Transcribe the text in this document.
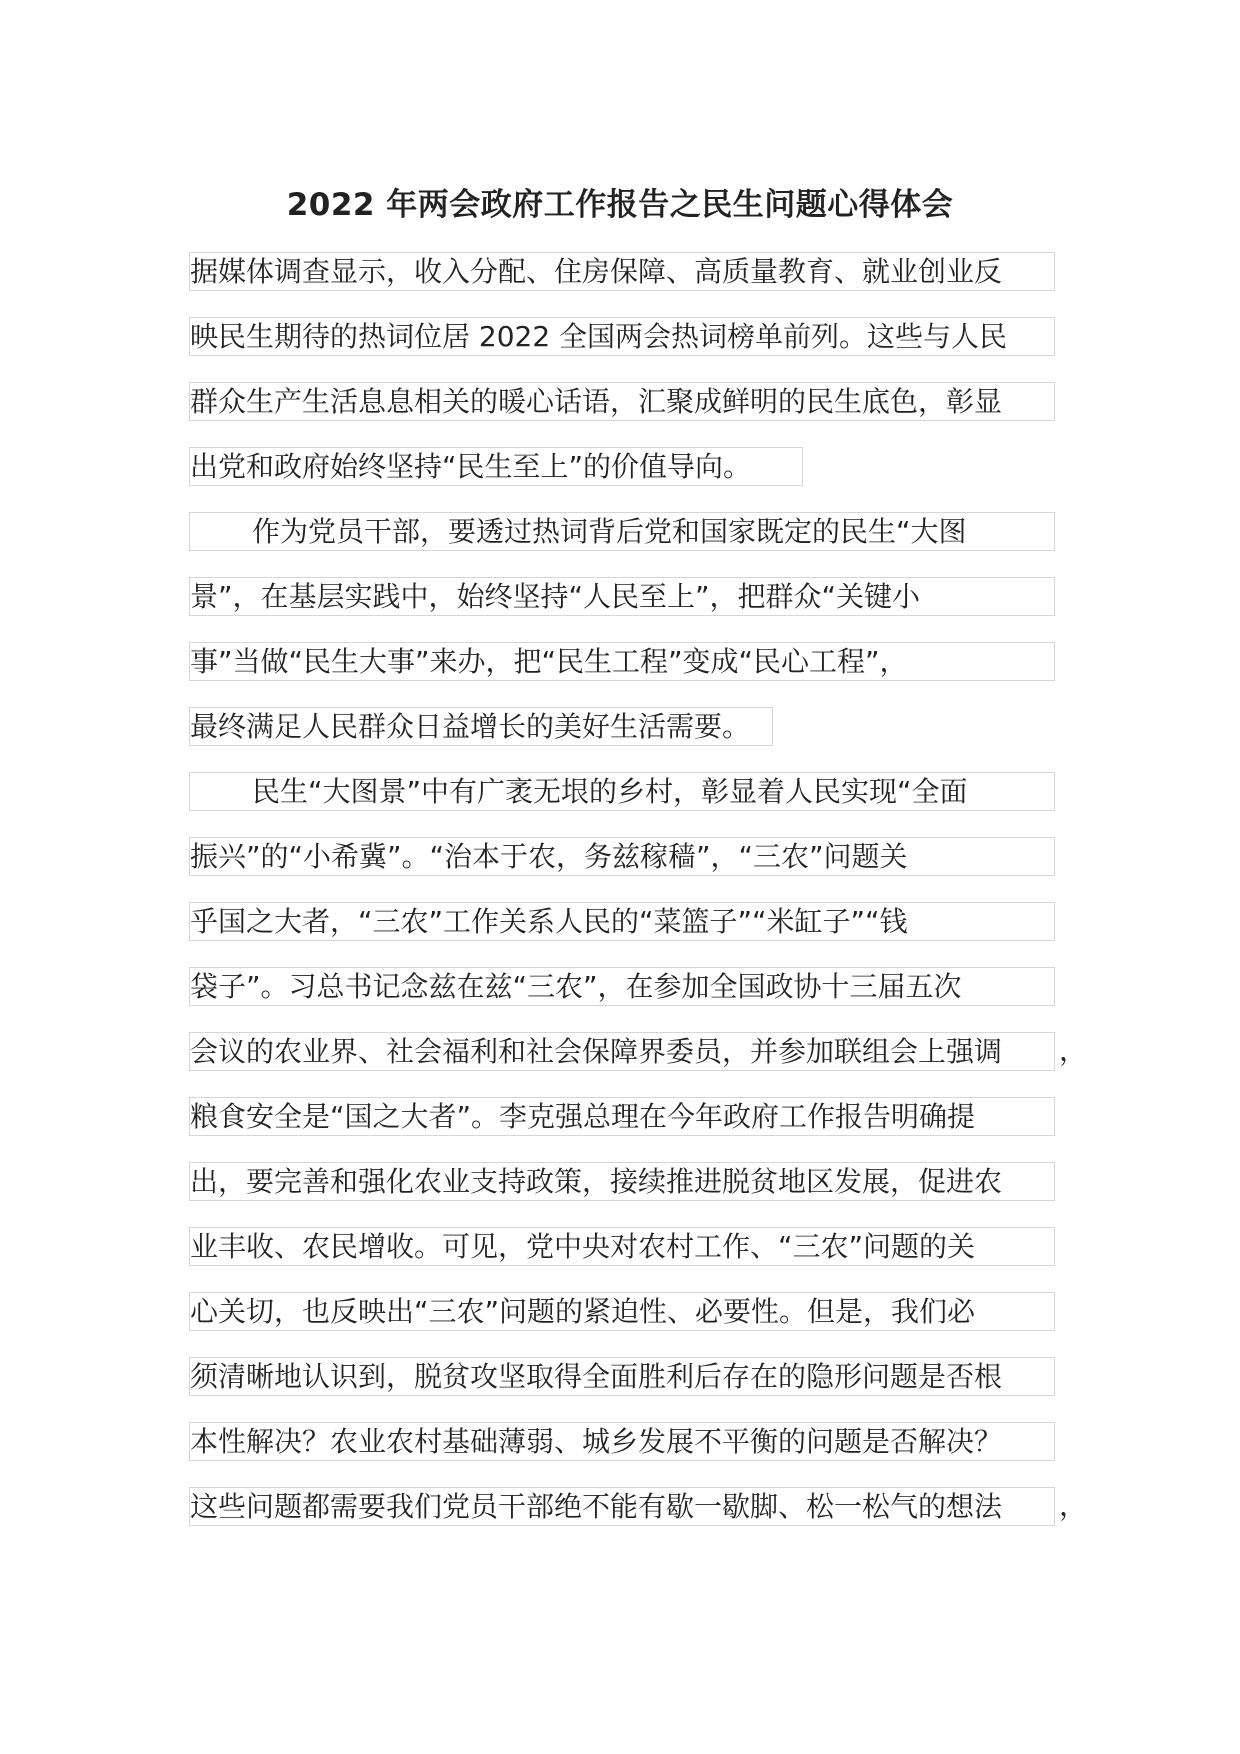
2022 年两会政府工作报告之民生问题心得体会
据媒体调查显示，收入分配、住房保障、高质量教育、就业创业反
映民生期待的热词位居 2022 全国两会热词榜单前列。这些与人民
群众生产生活息息相关的暖心话语，汇聚成鲜明的民生底色，彰显
出党和政府始终坚持“民生至上”的价值导向。
作为党员干部，要透过热词背后党和国家既定的民生“大图
景”，在基层实践中，始终坚持“人民至上”，把群众“关键小
事”当做“民生大事”来办，把“民生工程”变成“民心工程”，
最终满足人民群众日益增长的美好生活需要。
民生“大图景”中有广袤无垠的乡村，彰显着人民实现“全面
振兴”的“小希冀”。“治本于农，务兹稼穑”，“三农”问题关
乎国之大者，“三农”工作关系人民的“菜篮子”“米缸子”“钱
袋子”。习总书记念兹在兹“三农”，在参加全国政协十三届五次
会议的农业界、社会福利和社会保障界委员，并参加联组会上强调	，
粮食安全是“国之大者”。李克强总理在今年政府工作报告明确提
出，要完善和强化农业支持政策，接续推进脱贫地区发展，促进农
业丰收、农民增收。可见，党中央对农村工作、“三农”问题的关
心关切，也反映出“三农”问题的紧迫性、必要性。但是，我们必
须清晰地认识到，脱贫攻坚取得全面胜利后存在的隐形问题是否根
本性解决？农业农村基础薄弱、城乡发展不平衡的问题是否解决？
这些问题都需要我们党员干部绝不能有歇一歇脚、松一松气的想法	，
